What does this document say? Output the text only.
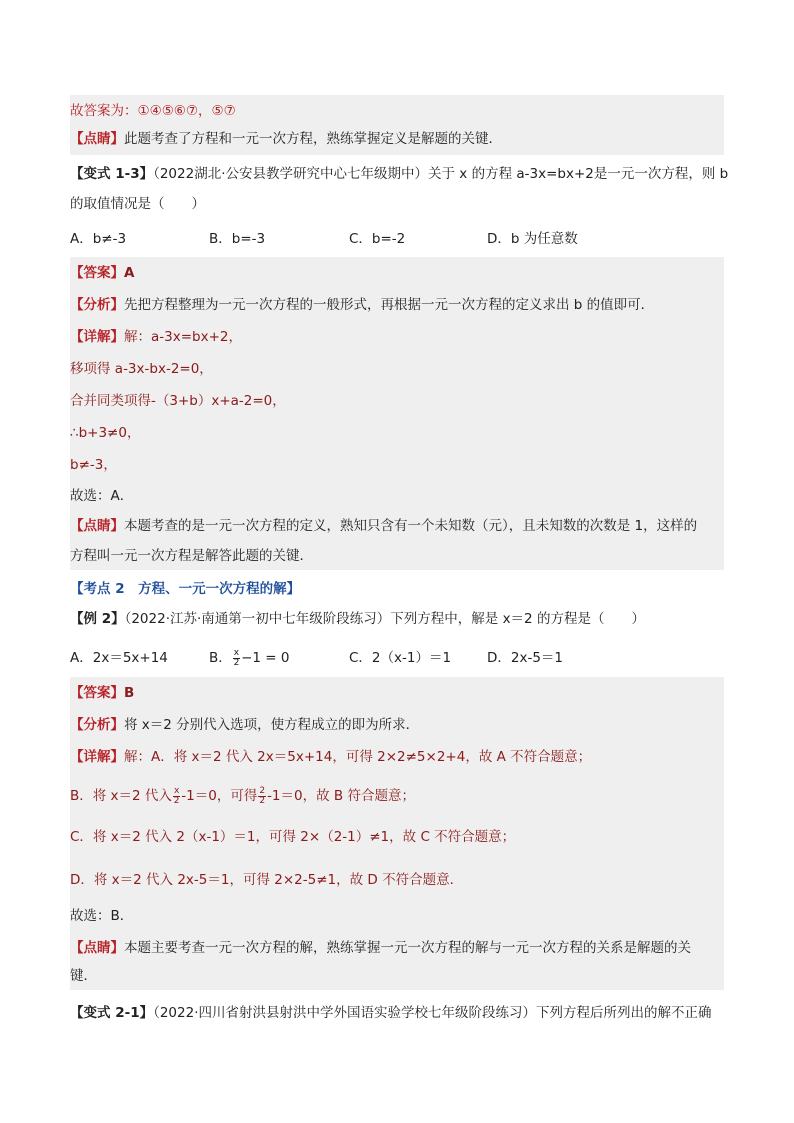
故答案为：①④⑤⑥⑦，⑤⑦
【点睛】此题考查了方程和一元一次方程，熟练掌握定义是解题的关键．
【变式 1-3】（2022湖北·公安县教学研究中心七年级期中）关于 x 的方程 a-3x=bx+2是一元一次方程，则 b
的取值情况是（　　）
A．b≠-3	B．b=-3	C．b=-2	D．b 为任意数
【答案】A
【分析】先把方程整理为一元一次方程的一般形式，再根据一元一次方程的定义求出 b 的值即可．
【详解】解：a-3x=bx+2，
移项得 a-3x-bx-2=0，
合并同类项得-（3+b）x+a-2=0，
∴b+3≠0，
b≠-3，
故选：A．
【点睛】本题考查的是一元一次方程的定义，熟知只含有一个未知数（元），且未知数的次数是 1，这样的
方程叫一元一次方程是解答此题的关键．
【考点 2　方程、一元一次方程的解】
【例 2】（2022·江苏·南通第一初中七年级阶段练习）下列方程中，解是 x＝2 的方程是（　　）
A．2x＝5x+14	B． $\frac{x}{2} -1 = 0$	C．2（x-1）＝1	D．2x-5＝1
【答案】B
【分析】将 x＝2 分别代入选项，使方程成立的即为所求．
【详解】解：A．将 x＝2 代入 2x＝5x+14，可得 2×2≠5×2+4，故 A 不符合题意；
B．将 x＝2 代入 $\frac{x}{2} -1=0$，可得 $\frac{2}{2} -1=0$，故 B 符合题意；
C．将 x＝2 代入 2（x-1）＝1，可得 2×（2-1）≠1，故 C 不符合题意；
D．将 x＝2 代入 2x-5＝1，可得 2×2-5≠1，故 D 不符合题意．
故选：B．
【点睛】本题主要考查一元一次方程的解，熟练掌握一元一次方程的解与一元一次方程的关系是解题的关
键．
【变式 2-1】（2022·四川省射洪县射洪中学外国语实验学校七年级阶段练习）下列方程后所列出的解不正确
